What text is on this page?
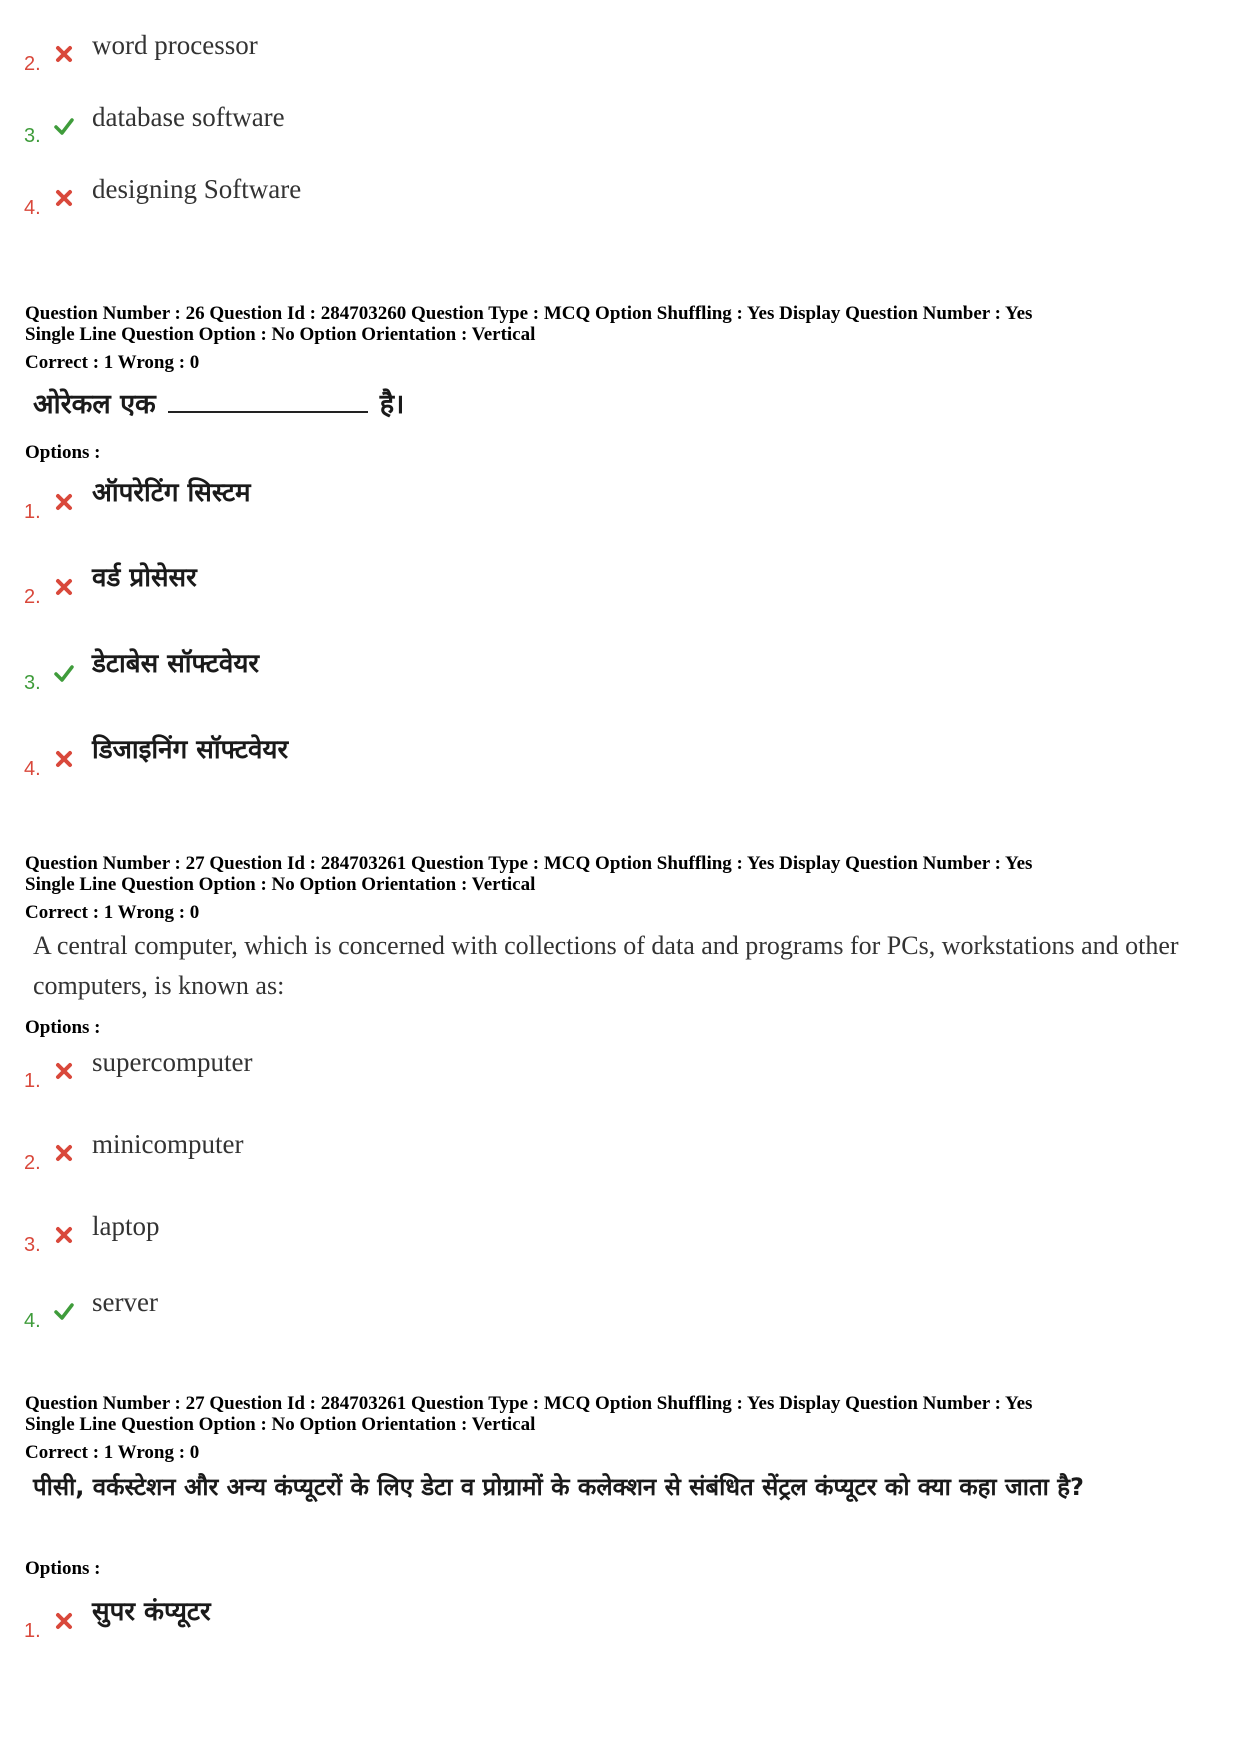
2.
word processor
3.
database software
4.
designing Software
Question Number : 26 Question Id : 284703260 Question Type : MCQ Option Shuffling : Yes Display Question Number : Yes
Single Line Question Option : No Option Orientation : Vertical
Correct : 1 Wrong : 0
ओरेकल एक	है।
Options :
1.
ऑपरेटिंग सिस्टम
2.
वर्ड प्रोसेसर
3.
डेटाबेस सॉफ्टवेयर
4.
डिजाइनिंग सॉफ्टवेयर
Question Number : 27 Question Id : 284703261 Question Type : MCQ Option Shuffling : Yes Display Question Number : Yes
Single Line Question Option : No Option Orientation : Vertical
Correct : 1 Wrong : 0
A central computer, which is concerned with collections of data and programs for PCs, workstations and other computers, is known as:
Options :
1.
supercomputer
2.
minicomputer
3.
laptop
4.
server
Question Number : 27 Question Id : 284703261 Question Type : MCQ Option Shuffling : Yes Display Question Number : Yes
Single Line Question Option : No Option Orientation : Vertical
Correct : 1 Wrong : 0
पीसी, वर्कस्टेशन और अन्य कंप्यूटरों के लिए डेटा व प्रोग्रामों के कलेक्शन से संबंधित सेंट्रल कंप्यूटर को क्या कहा जाता है?
Options :
1.
सुपर कंप्यूटर
